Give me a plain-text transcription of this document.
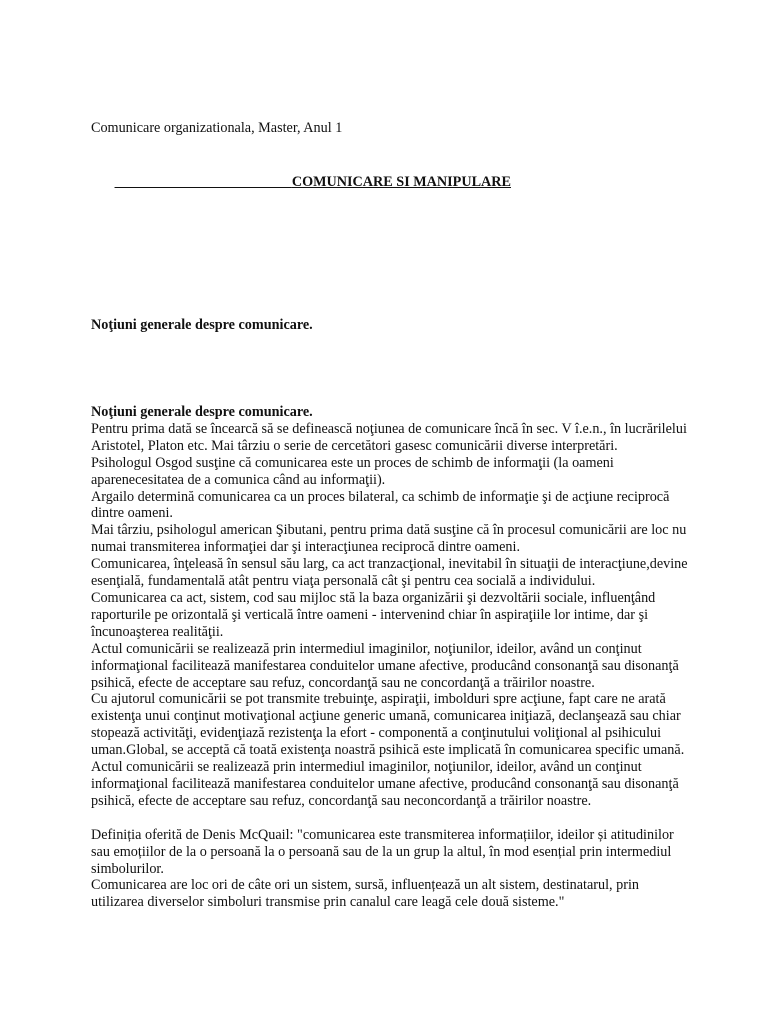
Comunicare organizationala, Master, Anul 1
COMUNICARE SI MANIPULARE
Noţiuni generale despre comunicare.
Noţiuni generale despre comunicare.
Pentru prima dată se încearcă să se definească noţiunea de comunicare încă în sec. V î.e.n., în lucrărilelui
Aristotel, Platon etc. Mai târziu o serie de cercetători gasesc comunicării diverse interpretări.
Psihologul Osgod susţine că comunicarea este un proces de schimb de informaţii (la oameni
aparenecesitatea de a comunica când au informaţii).
Argailo determină comunicarea ca un proces bilateral, ca schimb de informaţie şi de acţiune reciprocă
dintre oameni.
Mai târziu, psihologul american Şibutani, pentru prima dată susţine că în procesul comunicării are loc nu
numai transmiterea informaţiei dar şi interacţiunea reciprocă dintre oameni.
Comunicarea, înţeleasă în sensul său larg, ca act tranzacţional, inevitabil în situaţii de interacţiune,devine
esenţială, fundamentală atât pentru viaţa personală cât şi pentru cea socială a individului.
Comunicarea ca act, sistem, cod sau mijloc stă la baza organizării şi dezvoltării sociale, influenţând
raporturile pe orizontală şi verticală între oameni - intervenind chiar în aspiraţiile lor intime, dar şi
încunoaşterea realităţii.
Actul comunicării se realizează prin intermediul imaginilor, noţiunilor, ideilor, având un conţinut
informaţional facilitează manifestarea conduitelor umane afective, producând consonanţă sau disonanţă
psihică, efecte de acceptare sau refuz, concordanţă sau ne concordanţă a trăirilor noastre.
Cu ajutorul comunicării se pot transmite trebuinţe, aspiraţii, imbolduri spre acţiune, fapt care ne arată
existenţa unui conţinut motivaţional acţiune generic umană, comunicarea iniţiază, declanşează sau chiar
stopează activităţi, evidenţiază rezistenţa la efort - componentă a conţinutului voliţional al psihicului
uman.Global, se acceptă că toată existenţa noastră psihică este implicată în comunicarea specific umană.
Actul comunicării se realizează prin intermediul imaginilor, noţiunilor, ideilor, având un conţinut
informaţional facilitează manifestarea conduitelor umane afective, producând consonanţă sau disonanţă
psihică, efecte de acceptare sau refuz, concordanţă sau neconcordanţă a trăirilor noastre.
Definiția oferită de Denis McQuail: "comunicarea este transmiterea informațiilor, ideilor și atitudinilor
sau emoțiilor de la o persoană la o persoană sau de la un grup la altul, în mod esențial prin intermediul
simbolurilor.
Comunicarea are loc ori de câte ori un sistem, sursă, influențează un alt sistem, destinatarul, prin
utilizarea diverselor simboluri transmise prin canalul care leagă cele două sisteme."
